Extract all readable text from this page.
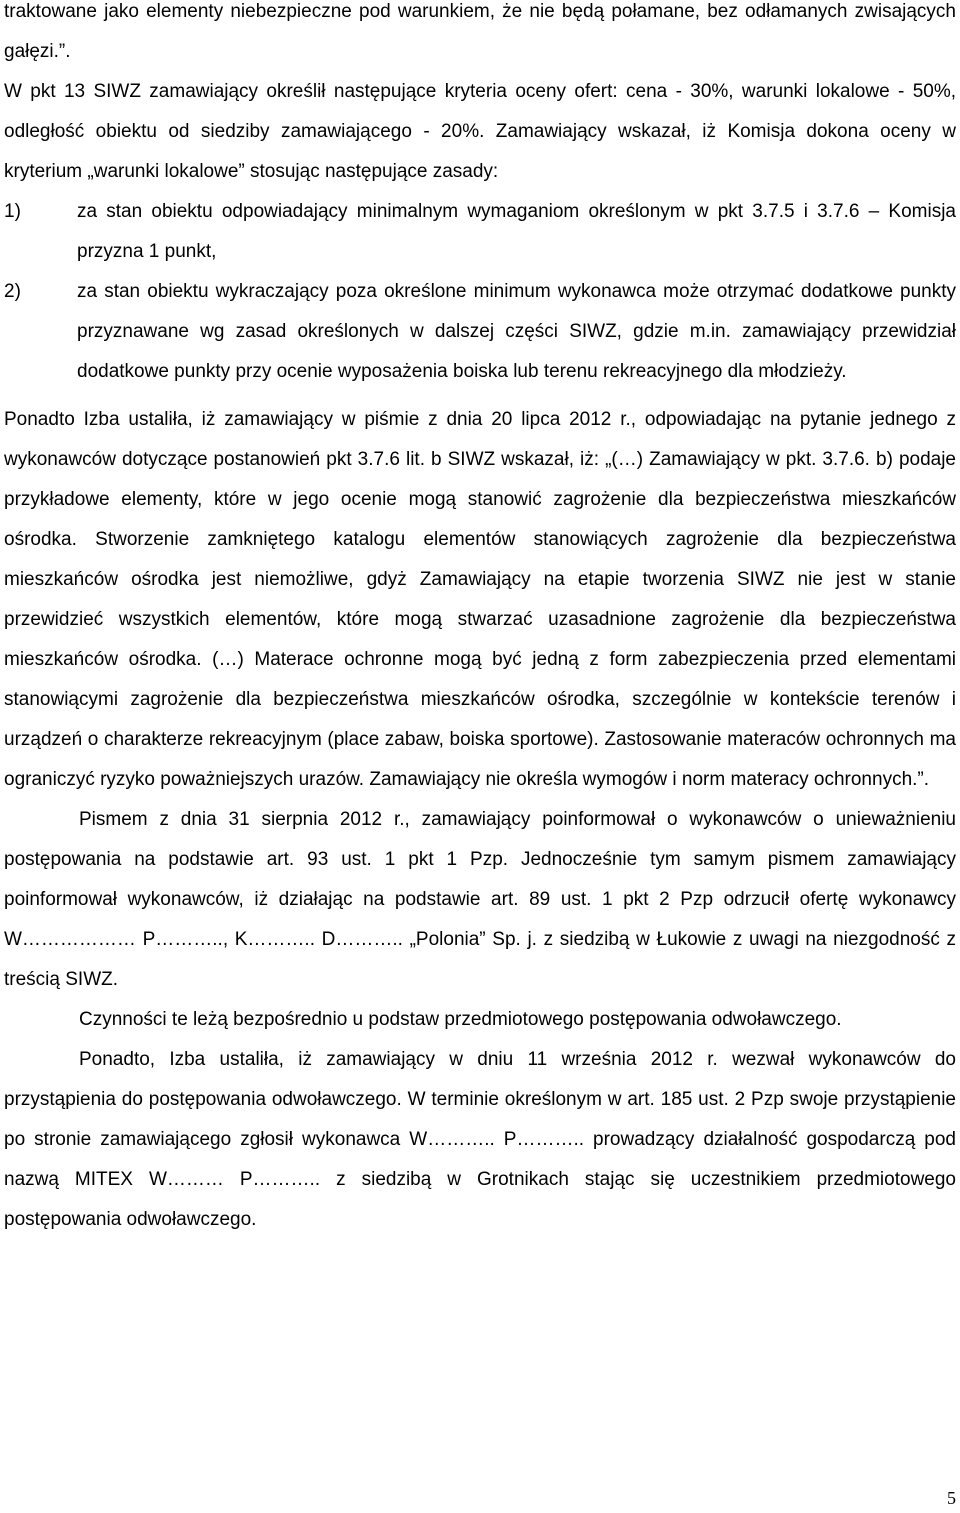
traktowane jako elementy niebezpieczne pod warunkiem, że nie będą połamane, bez odłamanych zwisających gałęzi.”.

W pkt 13 SIWZ zamawiający określił następujące kryteria oceny ofert: cena - 30%, warunki lokalowe - 50%, odległość obiektu od siedziby zamawiającego - 20%. Zamawiający wskazał, iż Komisja dokona oceny w kryterium „warunki lokalowe” stosując następujące zasady:

1)	za stan obiektu odpowiadający minimalnym wymaganiom określonym w pkt 3.7.5 i 3.7.6 – Komisja przyzna 1 punkt,
2)	za stan obiektu wykraczający poza określone minimum wykonawca może otrzymać dodatkowe punkty przyznawane wg zasad określonych w dalszej części SIWZ, gdzie m.in. zamawiający przewidział dodatkowe punkty przy ocenie wyposażenia boiska lub terenu rekreacyjnego dla młodzieży.

Ponadto Izba ustaliła, iż zamawiający w piśmie z dnia 20 lipca 2012 r., odpowiadając na pytanie jednego z wykonawców dotyczące postanowień pkt 3.7.6 lit. b SIWZ wskazał, iż: „(…) Zamawiający w pkt. 3.7.6. b) podaje przykładowe elementy, które w jego ocenie mogą stanowić zagrożenie dla bezpieczeństwa mieszkańców ośrodka. Stworzenie zamkniętego katalogu elementów stanowiących zagrożenie dla bezpieczeństwa mieszkańców ośrodka jest niemożliwe, gdyż Zamawiający na etapie tworzenia SIWZ nie jest w stanie przewidzieć wszystkich elementów, które mogą stwarzać uzasadnione zagrożenie dla bezpieczeństwa mieszkańców ośrodka. (…) Materace ochronne mogą być jedną z form zabezpieczenia przed elementami stanowiącymi zagrożenie dla bezpieczeństwa mieszkańców ośrodka, szczególnie w kontekście terenów i urządzeń o charakterze rekreacyjnym (place zabaw, boiska sportowe). Zastosowanie materaców ochronnych ma ograniczyć ryzyko poważniejszych urazów. Zamawiający nie określa wymogów i norm materacy ochronnych.”.

Pismem z dnia 31 sierpnia 2012 r., zamawiający poinformował o wykonawców o unieważnieniu postępowania na podstawie art. 93 ust. 1 pkt 1 Pzp. Jednocześnie tym samym pismem zamawiający poinformował wykonawców, iż działając na podstawie art. 89 ust. 1 pkt 2 Pzp odrzucił ofertę wykonawcy W……………… P……….., K……….. D……….. „Polonia” Sp. j. z siedzibą w Łukowie z uwagi na niezgodność z treścią SIWZ.

Czynności te leżą bezpośrednio u podstaw przedmiotowego postępowania odwoławczego.

Ponadto, Izba ustaliła, iż zamawiający w dniu 11 września 2012 r. wezwał wykonawców do przystąpienia do postępowania odwoławczego. W terminie określonym w art. 185 ust. 2 Pzp swoje przystąpienie po stronie zamawiającego zgłosił wykonawca W……….. P……….. prowadzący działalność gospodarczą pod nazwą MITEX W……… P……….. z siedzibą w Grotnikach stając się uczestnikiem przedmiotowego postępowania odwoławczego.

5
